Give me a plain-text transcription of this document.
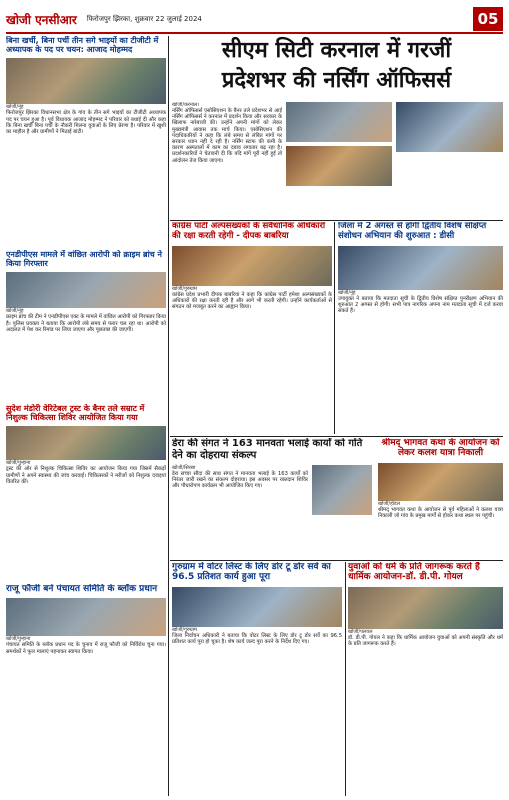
खोजी एनसीआर फिरोजपुर झिरका, शुक्रवार 22 जुलाई 2024	05
सीएम सिटी करनाल में गरजीं
प्रदेशभर की नर्सिंग ऑफिसर्स
बिना खर्ची, बिना पर्ची तीन सगे भाइयों का टीजीटी में अध्यापक के पद पर चयन: आजाद मोहम्मद
खोजी/नूंह
फिरोजपुर झिरका विधानसभा क्षेत्र के गांव के तीन सगे भाइयों का टीजीटी अध्यापक पद पर चयन हुआ है। पूर्व विधायक आजाद मोहम्मद ने परिवार को बधाई दी और कहा कि बिना खर्ची बिना पर्ची के नौकरी मिलना युवाओं के लिए प्रेरणा है। परिवार में खुशी का माहौल है और ग्रामीणों ने मिठाई बांटी।
खोजी/करनाल।
नर्सिंग ऑफिसर्स एसोसिएशन के बैनर तले प्रदेशभर से आई नर्सिंग ऑफिसर्स ने करनाल में प्रदर्शन किया और सरकार के खिलाफ नारेबाजी की। उन्होंने अपनी मांगों को लेकर मुख्यमंत्री आवास तक मार्च किया। एसोसिएशन की पदाधिकारियों ने कहा कि लंबे समय से लंबित मांगों पर सरकार ध्यान नहीं दे रही है। नर्सिंग स्टाफ की कमी के कारण अस्पतालों में काम का दबाव लगातार बढ़ रहा है। प्रदर्शनकारियों ने चेतावनी दी कि यदि मांगें पूरी नहीं हुईं तो आंदोलन तेज किया जाएगा।
एनडीपीएस मामले में वांछित आरोपी को क्राइम ब्रांच ने किया गिरफ्तार
खोजी/नूंह
क्राइम ब्रांच की टीम ने एनडीपीएस एक्ट के मामले में वांछित आरोपी को गिरफ्तार किया है। पुलिस प्रवक्ता ने बताया कि आरोपी लंबे समय से फरार चल रहा था। आरोपी को अदालत में पेश कर रिमांड पर लिया जाएगा और पूछताछ की जाएगी।
कांग्रेस पार्टी अल्पसंख्यकों के संवैधानिक अधिकारों की रक्षा करती रहेगी - दीपक बाबरिया
खोजी/गुरुग्राम
कांग्रेस प्रदेश प्रभारी दीपक बाबरिया ने कहा कि कांग्रेस पार्टी हमेशा अल्पसंख्यकों के अधिकारों की रक्षा करती रही है और आगे भी करती रहेगी। उन्होंने कार्यकर्ताओं से संगठन को मजबूत करने का आह्वान किया।
जिला में 2 अगस्त से होगी द्वितीय विशेष संक्षिप्त संशोधन अभियान की शुरुआत : डीसी
खोजी/नूंह
उपायुक्त ने बताया कि मतदाता सूची के द्वितीय विशेष संक्षिप्त पुनरीक्षण अभियान की शुरुआत 2 अगस्त से होगी। सभी पात्र नागरिक अपना नाम मतदाता सूची में दर्ज करवा सकते हैं।
सुदेश मंडोरी वेरिटेबल ट्रस्ट के बैनर तले सम्राट में निशुल्क चिकित्सा शिविर आयोजित किया गया
खोजी/पुन्हाना
ट्रस्ट की ओर से निशुल्क चिकित्सा शिविर का आयोजन किया गया जिसमें सैकड़ों ग्रामीणों ने अपने स्वास्थ्य की जांच करवाई। चिकित्सकों ने मरीजों को निशुल्क दवाइयां वितरित कीं।
डेरा की संगत ने 163 मानवता भलाई कार्यों को गति देने का दोहराया संकल्प
खोजी/सिरसा
डेरा सच्चा सौदा की साध संगत ने मानवता भलाई के 163 कार्यों को निरंतर जारी रखने का संकल्प दोहराया। इस अवसर पर रक्तदान शिविर और पौधारोपण कार्यक्रम भी आयोजित किए गए।
श्रीमद् भागवत कथा के आयोजन को लेकर कलश यात्रा निकाली
खोजी/होडल
श्रीमद् भागवत कथा के आयोजन से पूर्व महिलाओं ने कलश यात्रा निकाली जो गांव के प्रमुख मार्गों से होकर कथा स्थल पर पहुंची।
गुरुग्राम में वोटर लिस्ट के लिए डोर टू डोर सर्वे का 96.5 प्रतिशत कार्य हुआ पूरा
खोजी/गुरुग्राम
जिला निर्वाचन अधिकारी ने बताया कि वोटर लिस्ट के लिए डोर टू डोर सर्वे का 96.5 प्रतिशत कार्य पूरा हो चुका है। शेष कार्य जल्द पूरा करने के निर्देश दिए गए।
युवाओं को धर्म के प्रति जागरूक करते हैं धार्मिक आयोजन-डॉ. डी.पी. गोयल
खोजी/पलवल
डॉ. डी.पी. गोयल ने कहा कि धार्मिक आयोजन युवाओं को अपनी संस्कृति और धर्म के प्रति जागरूक करते हैं।
राजू फौजी बने पंचायत समिति के ब्लॉक प्रधान
खोजी/पुन्हाना
पंचायत समिति के ब्लॉक प्रधान पद के चुनाव में राजू फौजी को निर्विरोध चुना गया। समर्थकों ने फूल मालाएं पहनाकर स्वागत किया।
